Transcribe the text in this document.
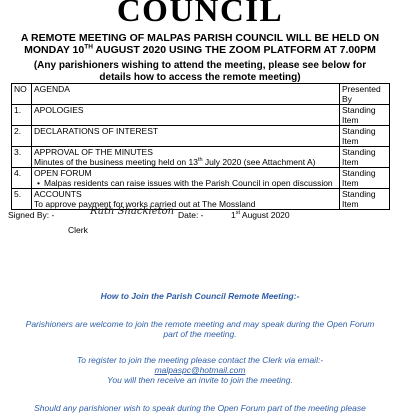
COUNCIL
A REMOTE MEETING OF MALPAS PARISH COUNCIL WILL BE HELD ON
MONDAY 10TH AUGUST 2020 USING THE ZOOM PLATFORM AT 7.00PM
(Any parishioners wishing to attend the meeting, please see below for
details how to access the remote meeting)
NO	AGENDA	Presented By
1.	APOLOGIES	Standing Item
2.	DECLARATIONS OF INTEREST	Standing Item
3.	APPROVAL OF THE MINUTES
Minutes of the business meeting held on 13th July 2020 (see Attachment A)	Standing Item
4.	OPEN FORUM
• Malpas residents can raise issues with the Parish Council in open discussion	Standing Item
5.	ACCOUNTS
To approve payment for works carried out at The Mossland	Standing Item
Signed By: -	Ruth Shackleton Date: -	1st August 2020
Clerk

How to Join the Parish Council Remote Meeting:-

Parishioners are welcome to join the remote meeting and may speak during the Open Forum part of the meeting.

To register to join the meeting please contact the Clerk via email:-

malpaspc@hotmail.com

You will then receive an invite to join the meeting.

Should any parishioner wish to speak during the Open Forum part of the meeting please
